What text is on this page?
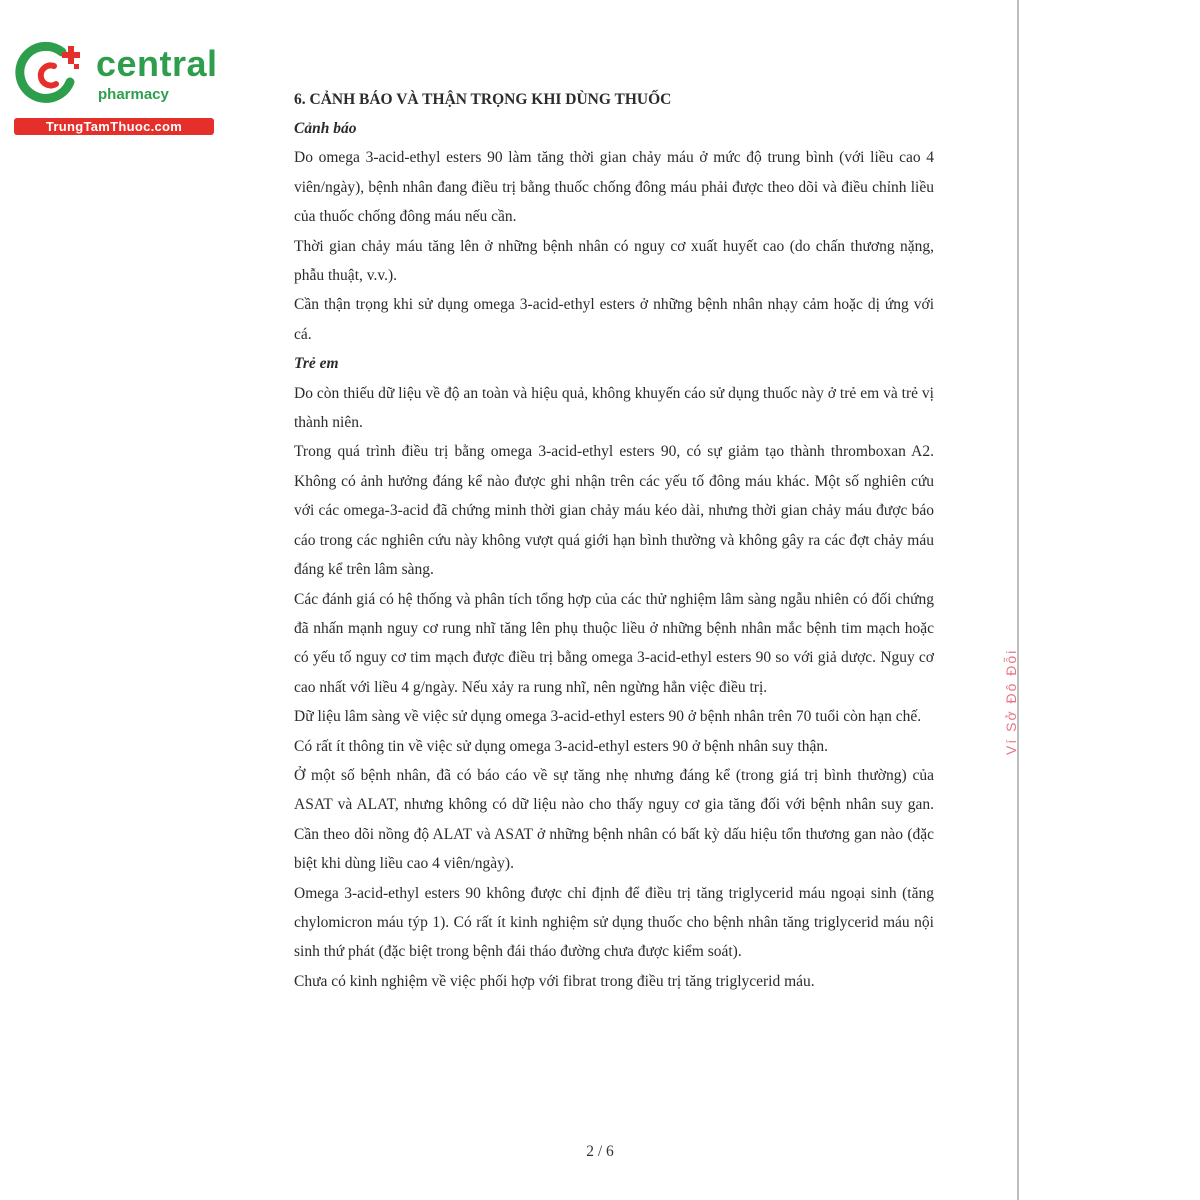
central
pharmacy
TrungTamThuoc.com

6. CẢNH BÁO VÀ THẬN TRỌNG KHI DÙNG THUỐC

Cảnh báo

Do omega 3-acid-ethyl esters 90 làm tăng thời gian chảy máu ở mức độ trung bình (với liều cao 4 viên/ngày), bệnh nhân đang điều trị bằng thuốc chống đông máu phải được theo dõi và điều chỉnh liều của thuốc chống đông máu nếu cần.

Thời gian chảy máu tăng lên ở những bệnh nhân có nguy cơ xuất huyết cao (do chấn thương nặng, phẫu thuật, v.v.).

Cần thận trọng khi sử dụng omega 3-acid-ethyl esters ở những bệnh nhân nhạy cảm hoặc dị ứng với cá.

Trẻ em

Do còn thiếu dữ liệu về độ an toàn và hiệu quả, không khuyến cáo sử dụng thuốc này ở trẻ em và trẻ vị thành niên.

Trong quá trình điều trị bằng omega 3-acid-ethyl esters 90, có sự giảm tạo thành thromboxan A2. Không có ảnh hưởng đáng kể nào được ghi nhận trên các yếu tố đông máu khác. Một số nghiên cứu với các omega-3-acid đã chứng minh thời gian chảy máu kéo dài, nhưng thời gian chảy máu được báo cáo trong các nghiên cứu này không vượt quá giới hạn bình thường và không gây ra các đợt chảy máu đáng kể trên lâm sàng.

Các đánh giá có hệ thống và phân tích tổng hợp của các thử nghiệm lâm sàng ngẫu nhiên có đối chứng đã nhấn mạnh nguy cơ rung nhĩ tăng lên phụ thuộc liều ở những bệnh nhân mắc bệnh tim mạch hoặc có yếu tố nguy cơ tim mạch được điều trị bằng omega 3-acid-ethyl esters 90 so với giả dược. Nguy cơ cao nhất với liều 4 g/ngày. Nếu xảy ra rung nhĩ, nên ngừng hẳn việc điều trị.

Dữ liệu lâm sàng về việc sử dụng omega 3-acid-ethyl esters 90 ở bệnh nhân trên 70 tuổi còn hạn chế.

Có rất ít thông tin về việc sử dụng omega 3-acid-ethyl esters 90 ở bệnh nhân suy thận.

Ở một số bệnh nhân, đã có báo cáo về sự tăng nhẹ nhưng đáng kể (trong giá trị bình thường) của ASAT và ALAT, nhưng không có dữ liệu nào cho thấy nguy cơ gia tăng đối với bệnh nhân suy gan. Cần theo dõi nồng độ ALAT và ASAT ở những bệnh nhân có bất kỳ dấu hiệu tổn thương gan nào (đặc biệt khi dùng liều cao 4 viên/ngày).

Omega 3-acid-ethyl esters 90 không được chỉ định để điều trị tăng triglycerid máu ngoại sinh (tăng chylomicron máu týp 1). Có rất ít kinh nghiệm sử dụng thuốc cho bệnh nhân tăng triglycerid máu nội sinh thứ phát (đặc biệt trong bệnh đái tháo đường chưa được kiểm soát).

Chưa có kinh nghiệm về việc phối hợp với fibrat trong điều trị tăng triglycerid máu.

Ví Sở Đô Đỗi
2 / 6
